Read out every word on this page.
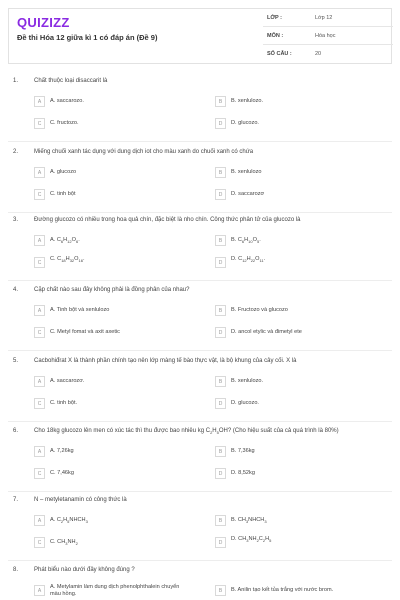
QUIZIZZ
Đề thi Hóa 12 giữa kì 1 có đáp án (Đề 9)
LỚP :	Lớp 12
MÔN :	Hóa học
SỐ CÂU :	20
1.	Chất thuộc loại disaccarit là
A	A. saccarozo.	B	B. xenlulozo.
C	C. fructozo.	D	D. glucozo.
2.	Miếng chuối xanh tác dụng với dung dịch iot cho màu xanh do chuối xanh có chứa
A	A. glucozo	B	B. xenlulozo
C	C. tinh bột	D	D. saccarozơ
3.	Đường glucozo có nhiều trong hoa quả chín, đặc biệt là nho chín. Công thức phân tử của glucozo là
A	A. $C_6H_{12}O_6$.	B	B. $C_6H_{10}O_5$.
C
C. $C_{18}H_{32}O_{16}$.
D
D. $C_{12}H_{22}O_{11}$.
4.	Cặp chất nào sau đây không phải là đồng phân của nhau?
A	A. Tinh bột và xenlulozo	B	B. Fructozo và glucozo
C	C. Metyl fomat và axit axetic	D	D. ancol etylic và đimetyl ete
5.	Cacbohiđrat X là thành phần chính tạo nên lớp màng tế bào thực vật, là bộ khung của cây cối. X là
A	A. saccarozơ.	B	B. xenlulozo.
C	C. tinh bột.	D	D. glucozo.
6.	Cho 18kg glucozo lên men có xúc tác thì thu được bao nhiêu kg $C_2H_5OH$? (Cho hiệu suất của cả quá trình là 80%)
A	A. 7,26kg	B	B. 7,36kg
C	C. 7,46kg	D	D. 8,52kg
7.	N – metyletanamin có công thức là
A	A. $C_2H_5NHCH_3$	B	B. $CH_3NHCH_3$
C	C. $CH_3NH_2$	D
D. $CH_3NH_2C_2H_5$
8.	Phát biểu nào dưới đây không đúng ?
A
A. Metylamin làm dung dịch phenolphthalein chuyển màu hồng.	B	B. Anilin tạo kết tủa trắng với nước brom.
